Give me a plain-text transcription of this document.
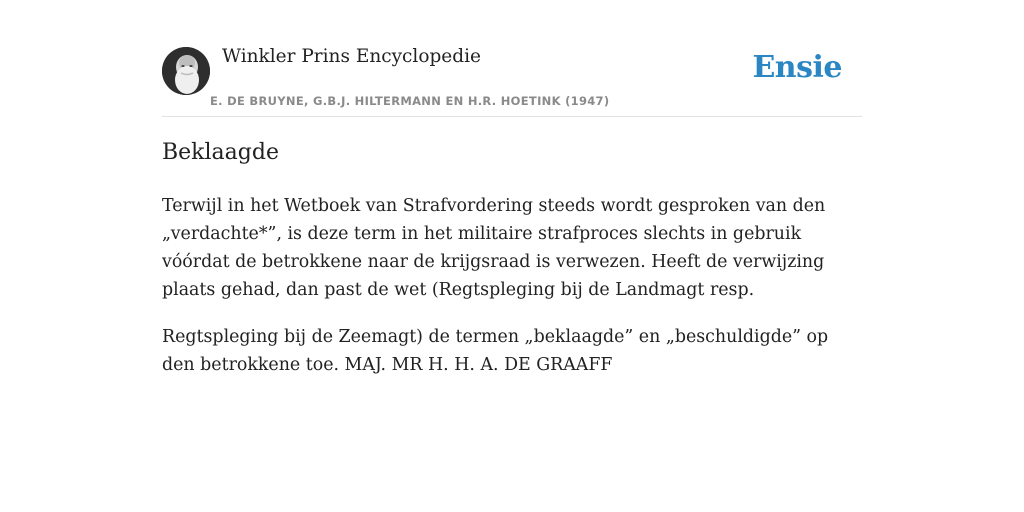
Winkler Prins Encyclopedie
E. DE BRUYNE, G.B.J. HILTERMANN EN H.R. HOETINK (1947)
Ensie
Beklaagde

Terwijl in het Wetboek van Strafvordering steeds wordt gesproken van den „verdachte*”, is deze term in het militaire strafproces slechts in gebruik vóórdat de betrokkene naar de krijgsraad is verwezen. Heeft de verwijzing plaats gehad, dan past de wet (Regtspleging bij de Landmagt resp.

Regtspleging bij de Zeemagt) de termen „beklaagde” en „beschuldigde” op den betrokkene toe. MAJ. MR H. H. A. DE GRAAFF
